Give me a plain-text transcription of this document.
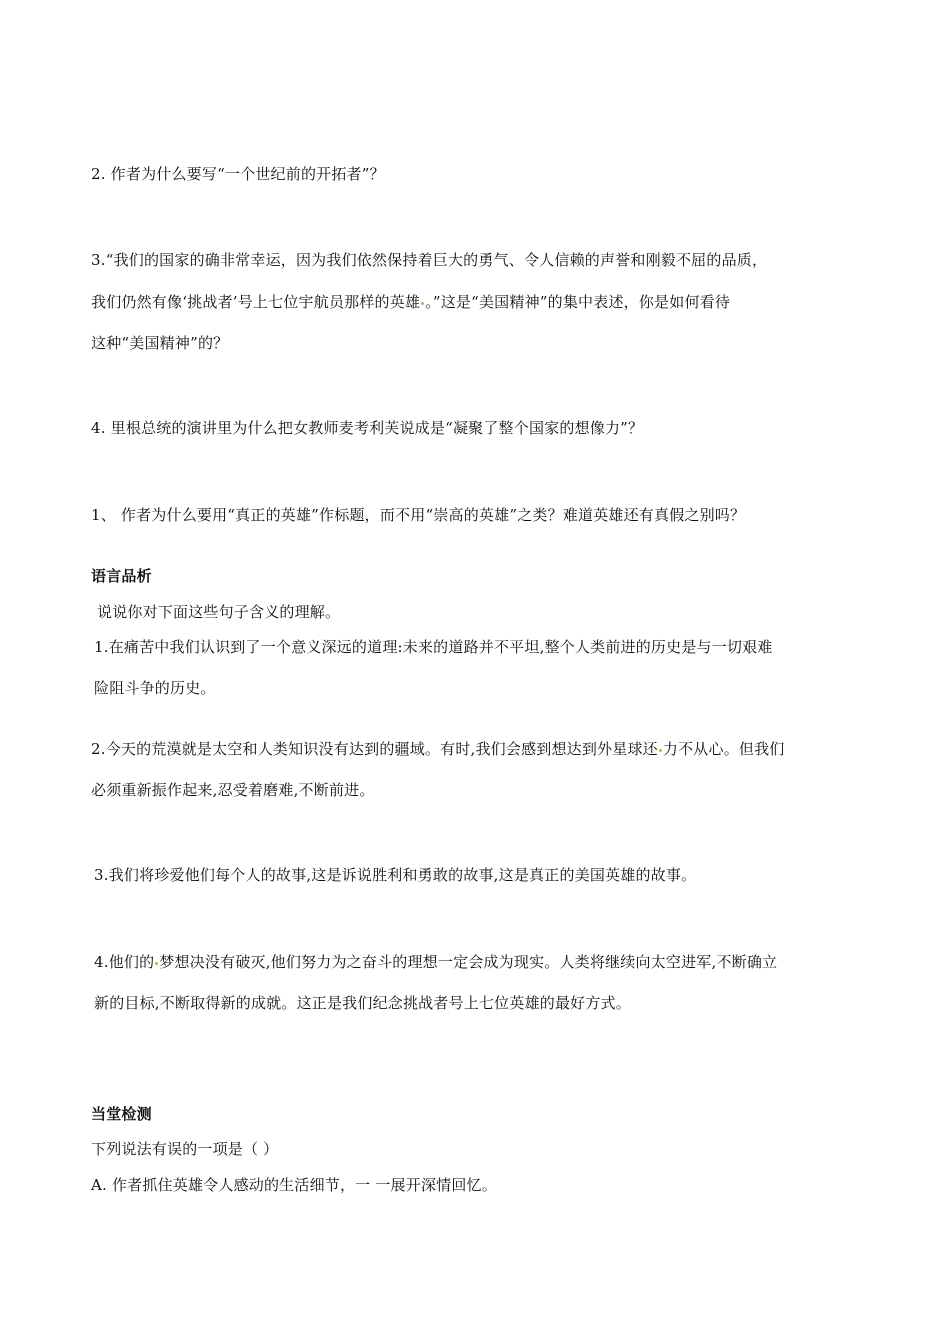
2. 作者为什么要写“一个世纪前的开拓者”？
3.“我们的国家的确非常幸运，因为我们依然保持着巨大的勇气、令人信赖的声誉和刚毅不屈的品质，
我们仍然有像‘挑战者’号上七位宇航员那样的英雄 。”这是“美国精神”的集中表述，你是如何看待
这种“美国精神”的？
4. 里根总统的演讲里为什么把女教师麦考利芙说成是“凝聚了整个国家的想像力”？
1、 作者为什么要用“真正的英雄”作标题，而不用“崇高的英雄”之类？难道英雄还有真假之别吗？
语言品析
说说你对下面这些句子含义的理解。
1.在痛苦中我们认识到了一个意义深远的道理:未来的道路并不平坦,整个人类前进的历史是与一切艰难
险阻斗争的历史。
2.今天的荒漠就是太空和人类知识没有达到的疆域。有时,我们会感到想达到外星球还 力不从心。但我们
必须重新振作起来,忍受着磨难,不断前进。
3.我们将珍爱他们每个人的故事,这是诉说胜利和勇敢的故事,这是真正的美国英雄的故事。
4.他们的 梦想决没有破灭,他们努力为之奋斗的理想一定会成为现实。人类将继续向太空进军,不断确立
新的目标,不断取得新的成就。这正是我们纪念挑战者号上七位英雄的最好方式。
当堂检测
下列说法有误的一项是（ ）
A. 作者抓住英雄令人感动的生活细节，一 一展开深情回忆。
